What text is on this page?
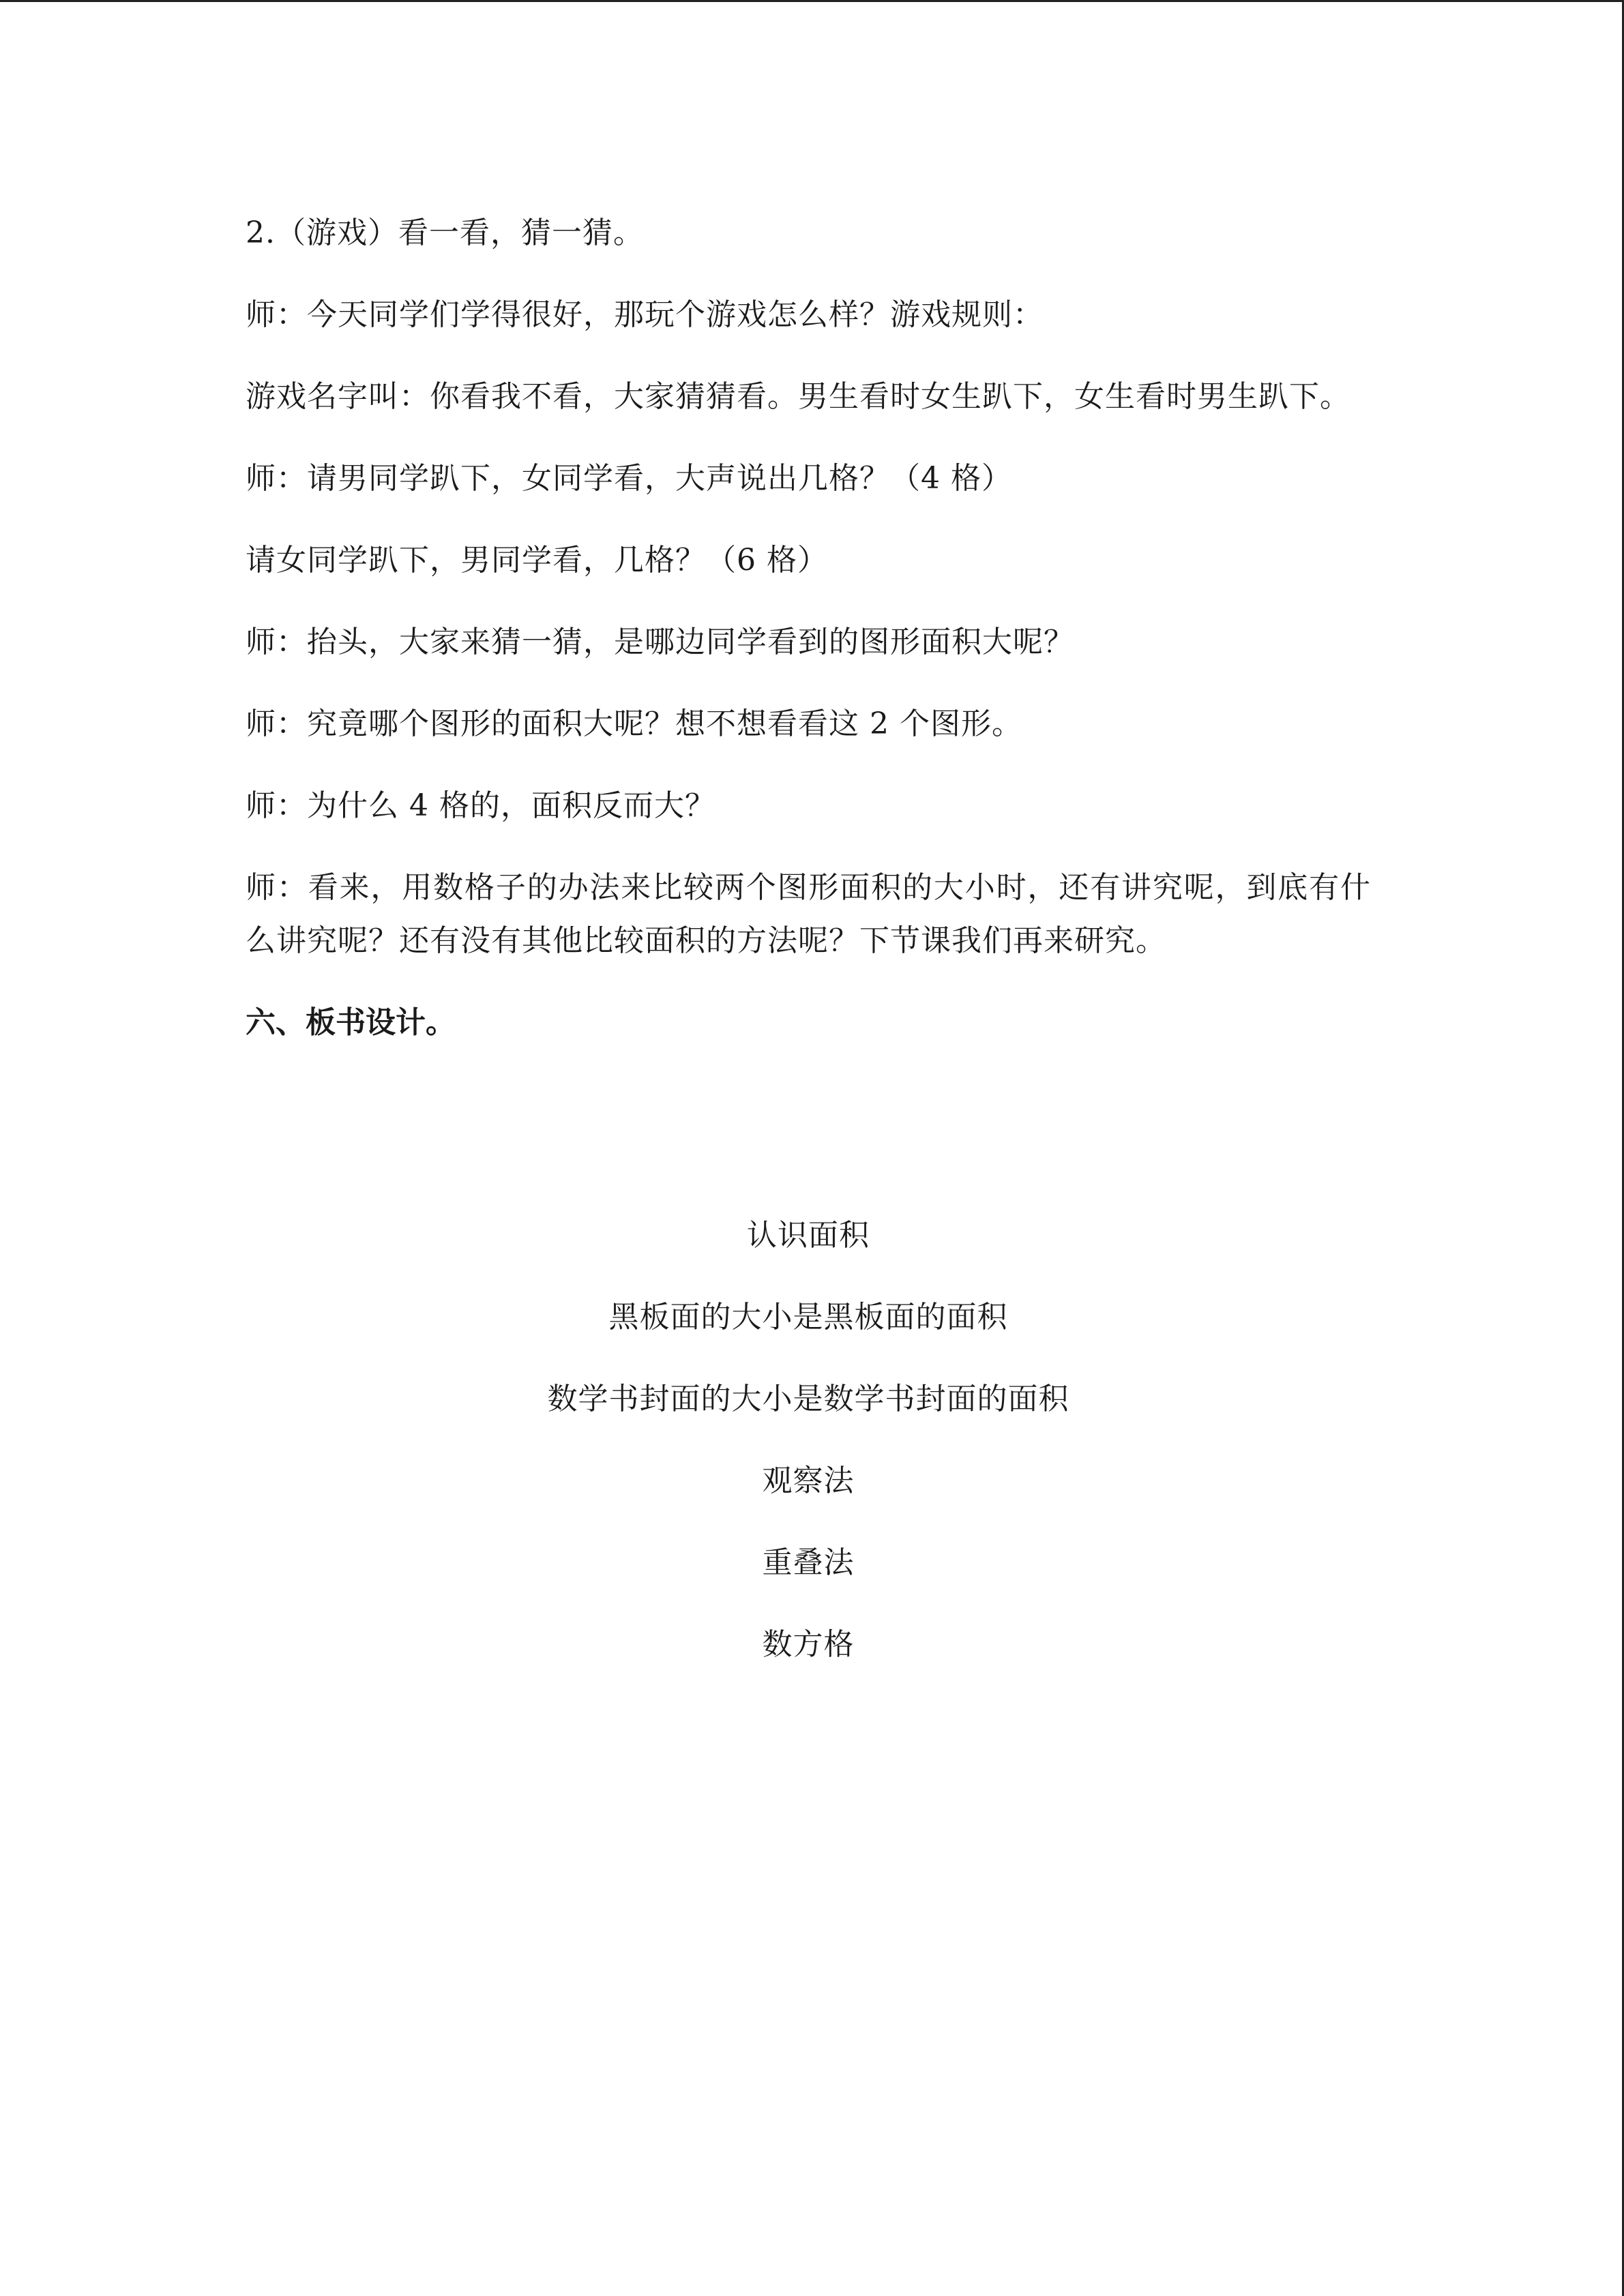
2.（游戏）看一看，猜一猜。

师：今天同学们学得很好，那玩个游戏怎么样？游戏规则：

游戏名字叫：你看我不看，大家猜猜看。男生看时女生趴下，女生看时男生趴下。

师：请男同学趴下，女同学看，大声说出几格？（4 格）

请女同学趴下，男同学看，几格？（6 格）

师：抬头，大家来猜一猜，是哪边同学看到的图形面积大呢？

师：究竟哪个图形的面积大呢？想不想看看这 2 个图形。

师：为什么 4 格的，面积反而大？

师：看来，用数格子的办法来比较两个图形面积的大小时，还有讲究呢，到底有什么讲究呢？还有没有其他比较面积的方法呢？下节课我们再来研究。

六、板书设计。

认识面积

黑板面的大小是黑板面的面积

数学书封面的大小是数学书封面的面积

观察法

重叠法

数方格
